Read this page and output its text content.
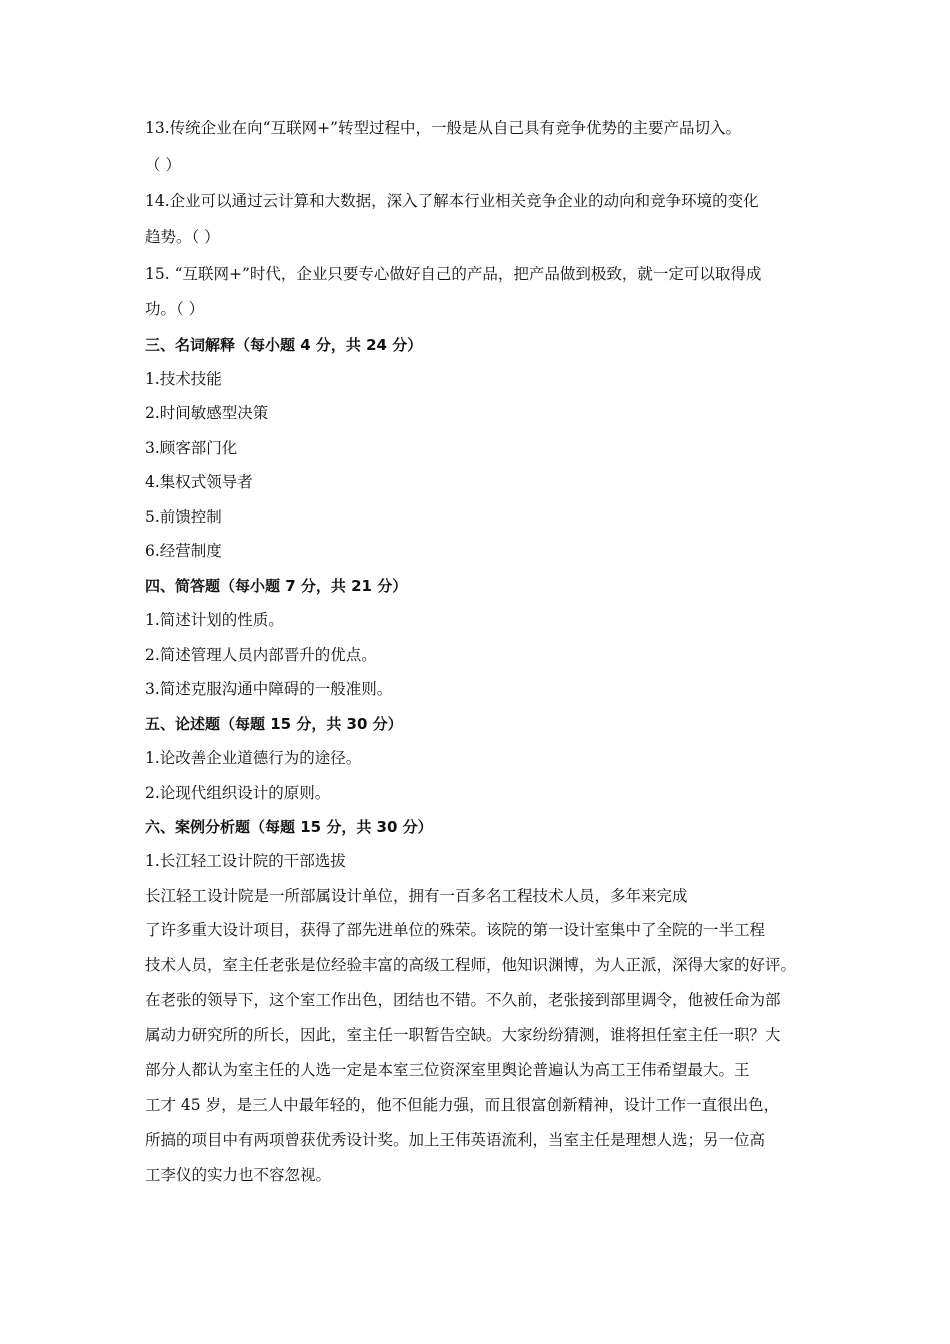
13.传统企业在向“互联网+”转型过程中，一般是从自己具有竞争优势的主要产品切入。
（ ）
14.企业可以通过云计算和大数据，深入了解本行业相关竞争企业的动向和竞争环境的变化
趋势。（ ）
15. “互联网+”时代，企业只要专心做好自己的产品，把产品做到极致，就一定可以取得成
功。（ ）
三、名词解释（每小题 4 分，共 24 分）
1.技术技能
2.时间敏感型决策
3.顾客部门化
4.集权式领导者
5.前馈控制
6.经营制度
四、简答题（每小题 7 分，共 21 分）
1.简述计划的性质。
2.简述管理人员内部晋升的优点。
3.简述克服沟通中障碍的一般准则。
五、论述题（每题 15 分，共 30 分）
1.论改善企业道德行为的途径。
2.论现代组织设计的原则。
六、案例分析题（每题 15 分，共 30 分）
1.长江轻工设计院的干部选拔
长江轻工设计院是一所部属设计单位，拥有一百多名工程技术人员，多年来完成
了许多重大设计项目，获得了部先进单位的殊荣。该院的第一设计室集中了全院的一半工程
技术人员，室主任老张是位经验丰富的高级工程师，他知识渊博，为人正派，深得大家的好评。
在老张的领导下，这个室工作出色，团结也不错。不久前，老张接到部里调令，他被任命为部
属动力研究所的所长，因此，室主任一职暂告空缺。大家纷纷猜测，谁将担任室主任一职？大
部分人都认为室主任的人选一定是本室三位资深室里舆论普遍认为高工王伟希望最大。王
工才 45 岁，是三人中最年轻的，他不但能力强，而且很富创新精神，设计工作一直很出色，
所搞的项目中有两项曾获优秀设计奖。加上王伟英语流利，当室主任是理想人选；另一位高
工李仪的实力也不容忽视。
